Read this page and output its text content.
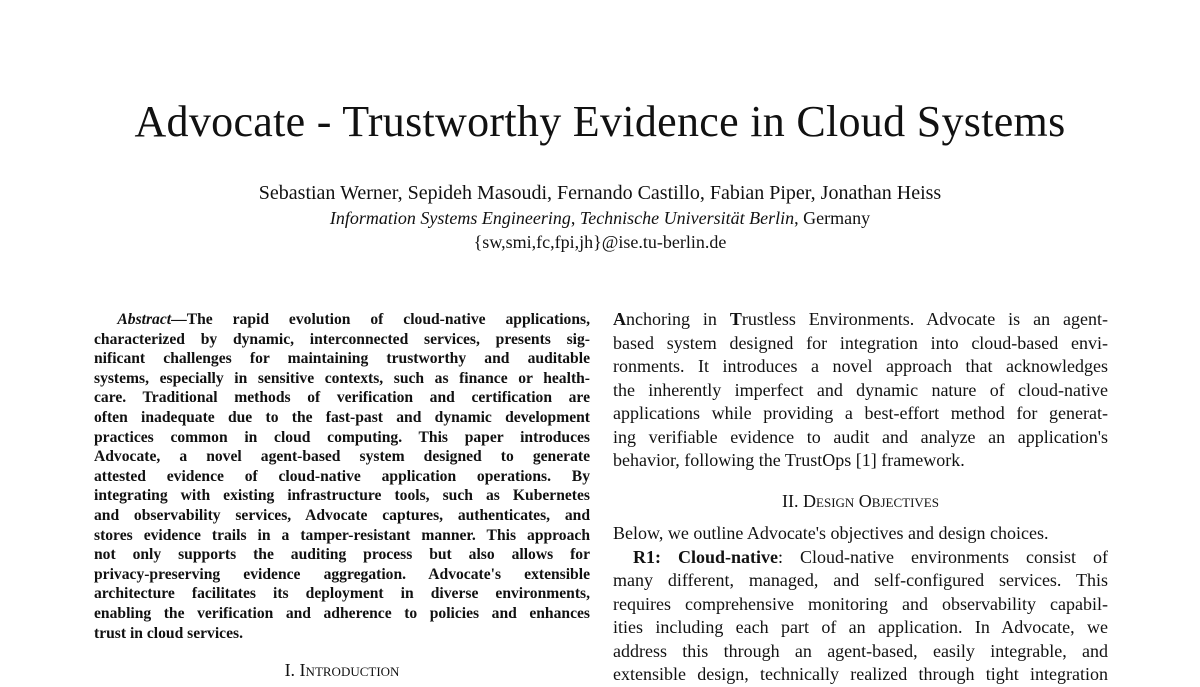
Advocate - Trustworthy Evidence in Cloud Systems
Sebastian Werner, Sepideh Masoudi, Fernando Castillo, Fabian Piper, Jonathan Heiss
Information Systems Engineering, Technische Universität Berlin, Germany
{sw,smi,fc,fpi,jh}@ise.tu-berlin.de
  Abstract—The rapid evolution of cloud-native applications,
characterized by dynamic, interconnected services, presents sig-
nificant challenges for maintaining trustworthy and auditable
systems, especially in sensitive contexts, such as finance or health-
care. Traditional methods of verification and certification are
often inadequate due to the fast-past and dynamic development
practices common in cloud computing. This paper introduces
Advocate, a novel agent-based system designed to generate
attested evidence of cloud-native application operations. By
integrating with existing infrastructure tools, such as Kubernetes
and observability services, Advocate captures, authenticates, and
stores evidence trails in a tamper-resistant manner. This approach
not only supports the auditing process but also allows for
privacy-preserving evidence aggregation. Advocate's extensible
architecture facilitates its deployment in diverse environments,
enabling the verification and adherence to policies and enhances
trust in cloud services.
I. Introduction
Anchoring in Trustless Environments. Advocate is an agent-
based system designed for integration into cloud-based envi-
ronments. It introduces a novel approach that acknowledges
the inherently imperfect and dynamic nature of cloud-native
applications while providing a best-effort method for generat-
ing verifiable evidence to audit and analyze an application's
behavior, following the TrustOps [1] framework.
II. Design Objectives
Below, we outline Advocate's objectives and design choices.
R1: Cloud-native: Cloud-native environments consist of
many different, managed, and self-configured services. This
requires comprehensive monitoring and observability capabil-
ities including each part of an application. In Advocate, we
address this through an agent-based, easily integrable, and
extensible design, technically realized through tight integration
